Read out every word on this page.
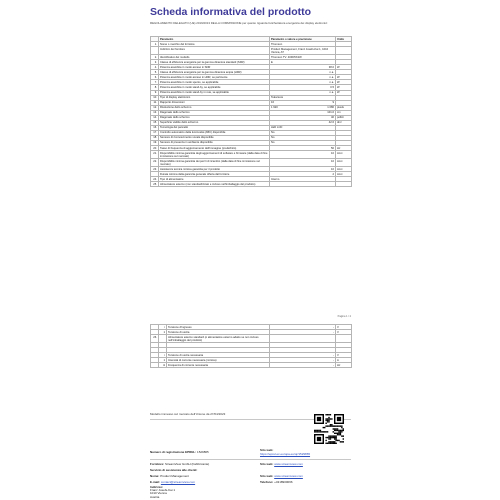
Scheda informativa del prodotto
REGOLAMENTO DELEGATO (UE) 2019/2013 DELLA COMMISSIONE per quanto riguarda l'etichettatura energetica dei display elettronici
	Parametro	Parametro o valore e precisione	Unità
1.	Nome o marchio del fornitore	Thomson	
	Indirizzo del fornitore	Product Management, Franz Josefs-Kai 1, 1010 Vienna, AT	
2.	Identificativo del modello	Thomson TV: 40FD5X2W	
3.	Classe di efficienza energetica per la gamma dinamica standard (SDR)	E	
4.	Potenza assorbita in modo acceso in SDR	38.0	W
5.	Classe di efficienza energetica per la gamma dinamica ampia (HDR)	n.a.	
6.	Potenza assorbita in modo acceso in HDR, se pertinente	n.a.	W
7.	Potenza assorbita in modo spento, se applicabile	n.a.	W
8.	Potenza assorbita in modo stand-by, se applicabile	0.5	W
9.	Potenza assorbita in modo stand-by in rete, se applicabile	n.a.	W
10.	Tipo di display elettronico	Televisore	
11.	Rapporto dimensioni	16 9	

12.	Risoluzione dello schermo	1 920 1 080	pixels
13.	Diagonale dello schermo	101.0	cm
14.	Diagonale dello schermo	40	pollici
15.	Superficie visibile dello schermo	42.6	dm²
16.	Tecnologia del pannello	LED LCD	
17.	Controllo automatico della luminosità (ABC) disponibile	No	
18.	Sensore di riconoscimento vocale disponibile	No	
19.	Sensore di presenza in ambiente disponibile	No	
20.	Tasso di frequenza di aggiornamento dell'immagine (predefinito)	50	Hz
21.	Disponibilità minima garantita degli aggiornamenti di software e firmware (dalla data di fine immissione sul mercato)	10	Anni
22.	Disponibilità minima garantita dei pezzi di ricambio (dalla data di fine immissione sul mercato)	10	Anni
23.	Assistenza tecnica minima garantita per il prodotto	10	Anni
	Durata minima della garanzia generale offerta dal fornitore	2	Anni
24.	Tipo di alimentatore	Interno	
25.	Alimentatore esterno (non standardizzato e incluso nell'imballaggio del prodotto)		
Pagina 1 / 2
	i	Tensione d'ingresso	-	V
	ii	Tensione di uscita	-	V
26.		Alimentatore esterno standard (o alimentatore esterno adatto se non incluso nell'imballaggio del prodotto)		

	i	Tensione di uscita necessaria	-	V
	ii	Intensità di corrente necessaria (minima)	-	A
	iii	Frequenza di corrente necessaria	-	Hz
Modello immesso sul mercato dell'Unione da 27/04/2023
Numero di registrazione EPREL: 1529865	Sito web: https://eprel.ec.europa.eu/qr/1529865
Fornitore: StreamView GmbH (Fabbricante)	Sito web: www.streamview.com
Servizio di assistenza alle clienti:
Nome: Product Management	Sito web: www.streamview.com
E-mail: contact@streamview.com	Telefono: +4318900066
Indirizzo:
Franz Josefs-Kai 1
1010 Vienna
Austria
